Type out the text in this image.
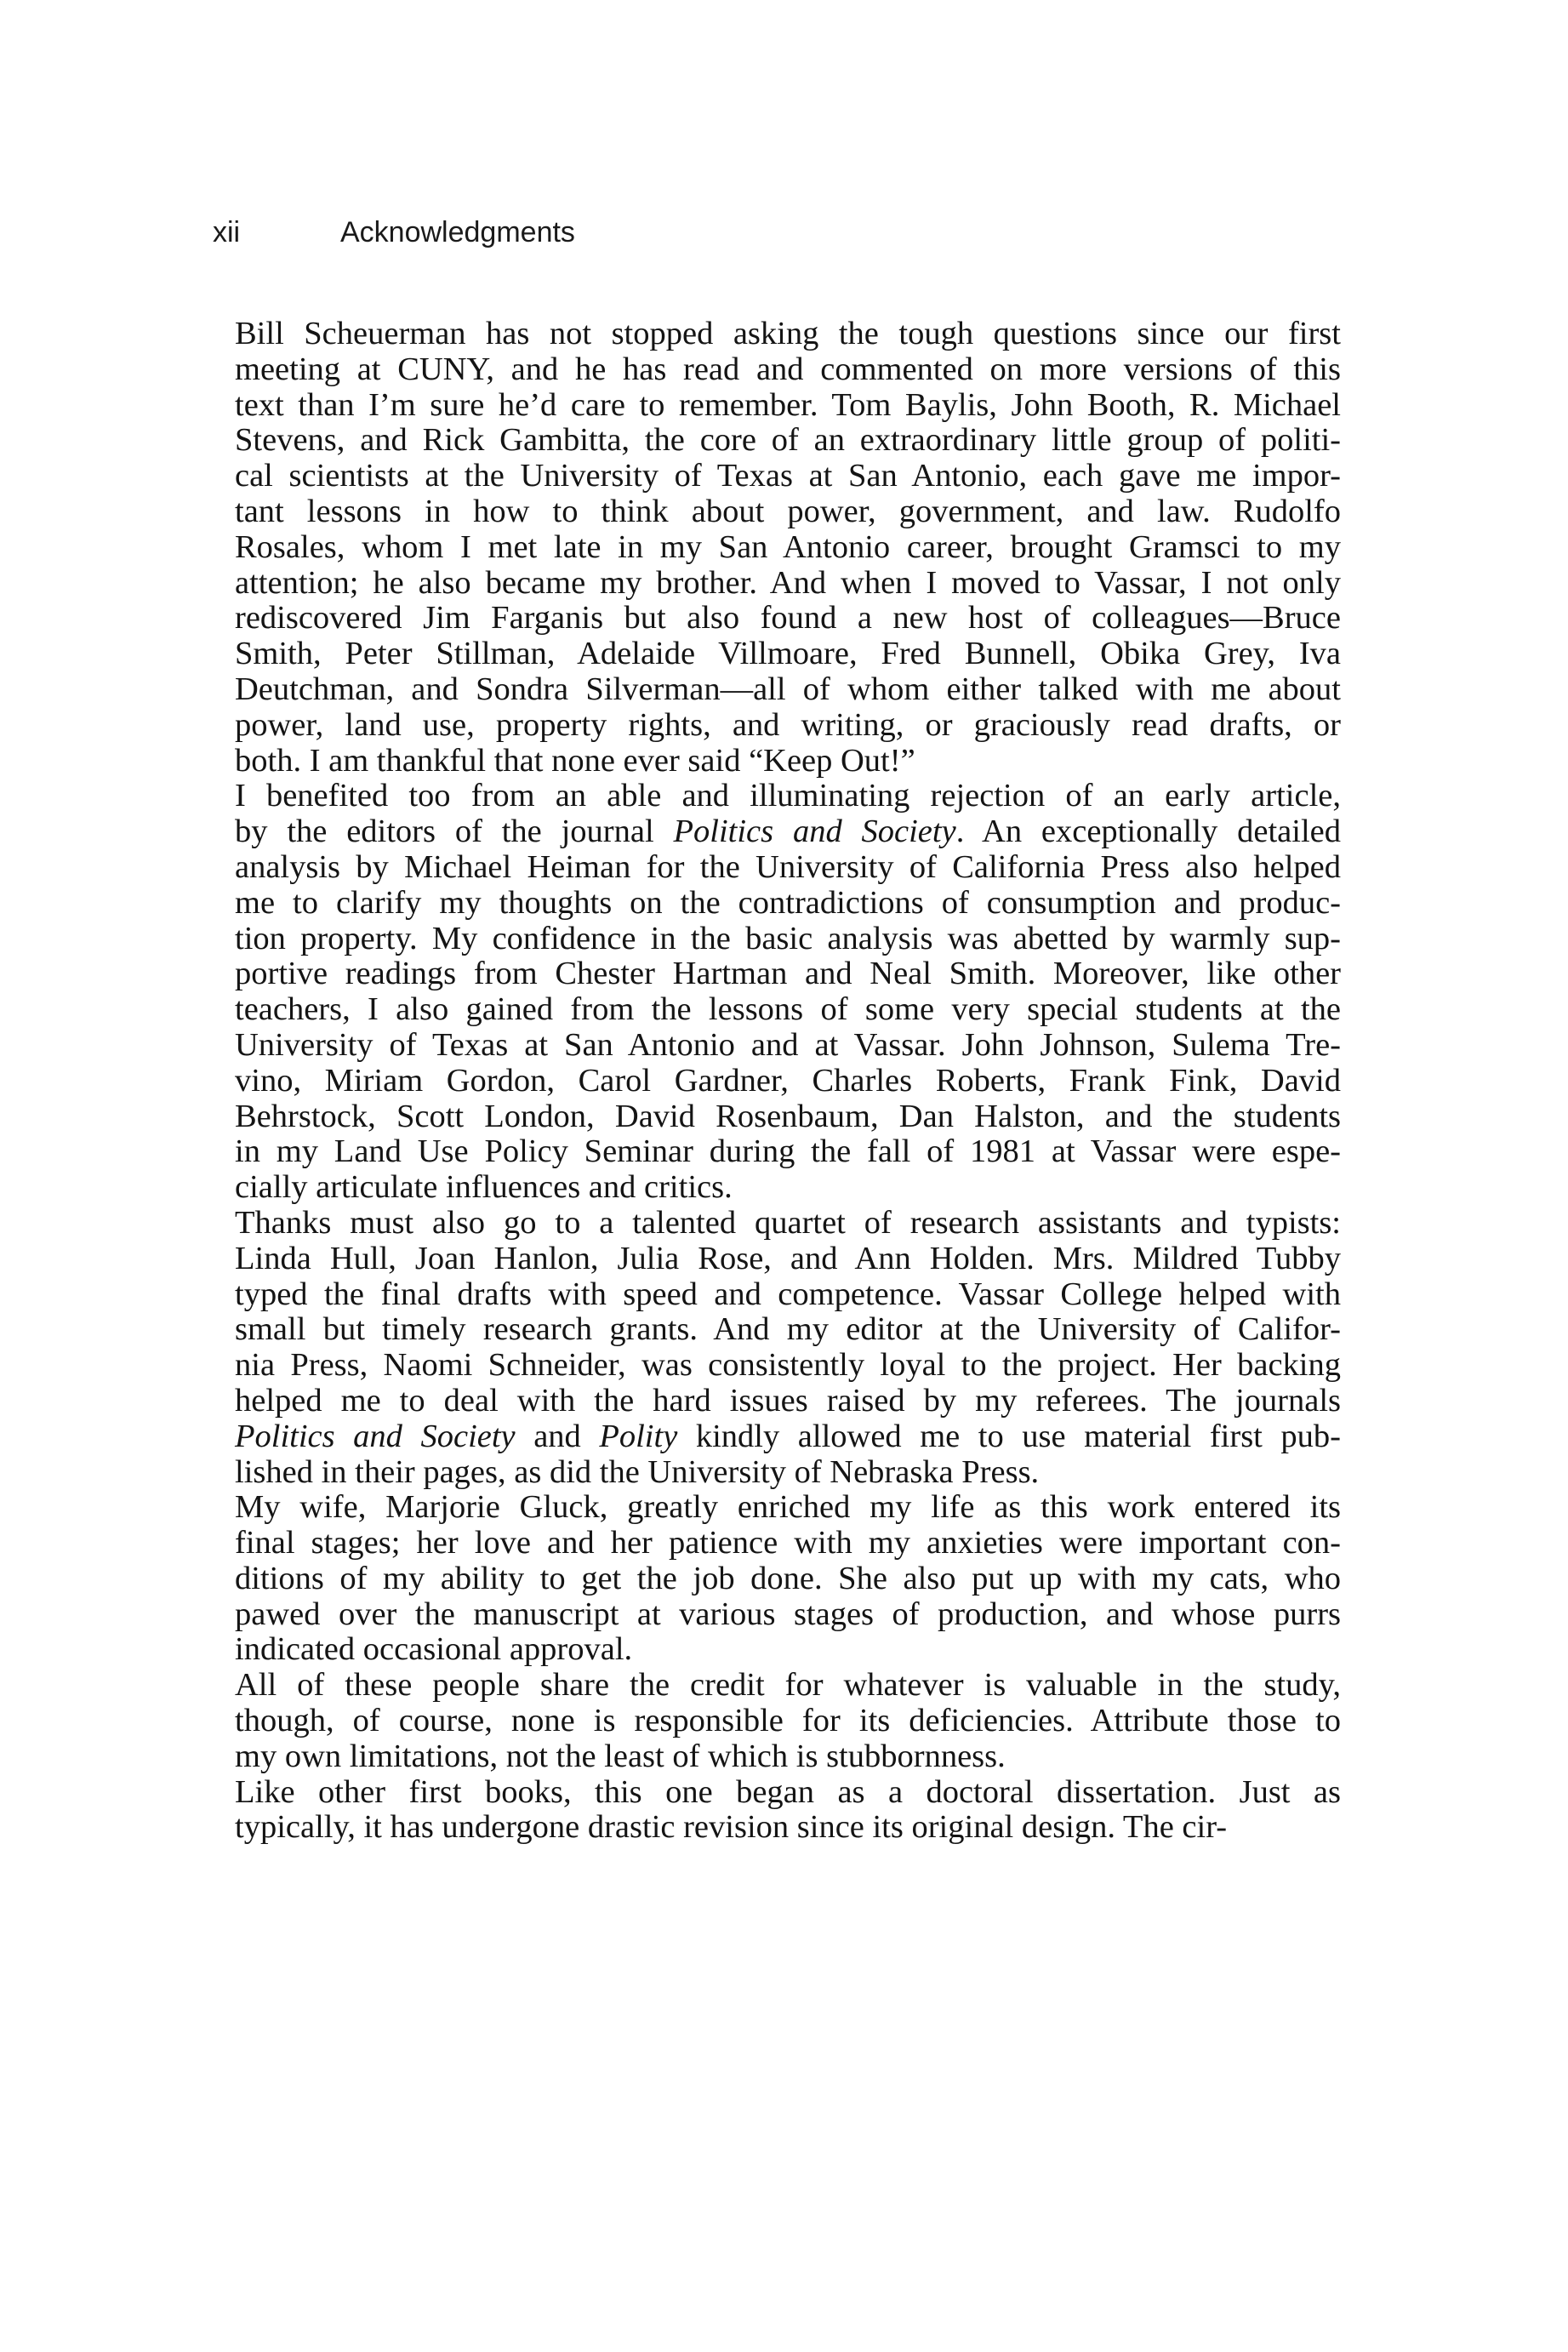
xii	Acknowledgments
Bill Scheuerman has not stopped asking the tough questions since our first
meeting at CUNY, and he has read and commented on more versions of this
text than I’m sure he’d care to remember. Tom Baylis, John Booth, R. Michael
Stevens, and Rick Gambitta, the core of an extraordinary little group of politi-
cal scientists at the University of Texas at San Antonio, each gave me impor-
tant lessons in how to think about power, government, and law. Rudolfo
Rosales, whom I met late in my San Antonio career, brought Gramsci to my
attention; he also became my brother. And when I moved to Vassar, I not only
rediscovered Jim Farganis but also found a new host of colleagues—Bruce
Smith, Peter Stillman, Adelaide Villmoare, Fred Bunnell, Obika Grey, Iva
Deutchman, and Sondra Silverman—all of whom either talked with me about
power, land use, property rights, and writing, or graciously read drafts, or
both. I am thankful that none ever said “Keep Out!”
I benefited too from an able and illuminating rejection of an early article,
by the editors of the journal Politics and Society. An exceptionally detailed
analysis by Michael Heiman for the University of California Press also helped
me to clarify my thoughts on the contradictions of consumption and produc-
tion property. My confidence in the basic analysis was abetted by warmly sup-
portive readings from Chester Hartman and Neal Smith. Moreover, like other
teachers, I also gained from the lessons of some very special students at the
University of Texas at San Antonio and at Vassar. John Johnson, Sulema Tre-
vino, Miriam Gordon, Carol Gardner, Charles Roberts, Frank Fink, David
Behrstock, Scott London, David Rosenbaum, Dan Halston, and the students
in my Land Use Policy Seminar during the fall of 1981 at Vassar were espe-
cially articulate influences and critics.
Thanks must also go to a talented quartet of research assistants and typists:
Linda Hull, Joan Hanlon, Julia Rose, and Ann Holden. Mrs. Mildred Tubby
typed the final drafts with speed and competence. Vassar College helped with
small but timely research grants. And my editor at the University of Califor-
nia Press, Naomi Schneider, was consistently loyal to the project. Her backing
helped me to deal with the hard issues raised by my referees. The journals
Politics and Society and Polity kindly allowed me to use material first pub-
lished in their pages, as did the University of Nebraska Press.
My wife, Marjorie Gluck, greatly enriched my life as this work entered its
final stages; her love and her patience with my anxieties were important con-
ditions of my ability to get the job done. She also put up with my cats, who
pawed over the manuscript at various stages of production, and whose purrs
indicated occasional approval.
All of these people share the credit for whatever is valuable in the study,
though, of course, none is responsible for its deficiencies. Attribute those to
my own limitations, not the least of which is stubbornness.
Like other first books, this one began as a doctoral dissertation. Just as
typically, it has undergone drastic revision since its original design. The cir-
